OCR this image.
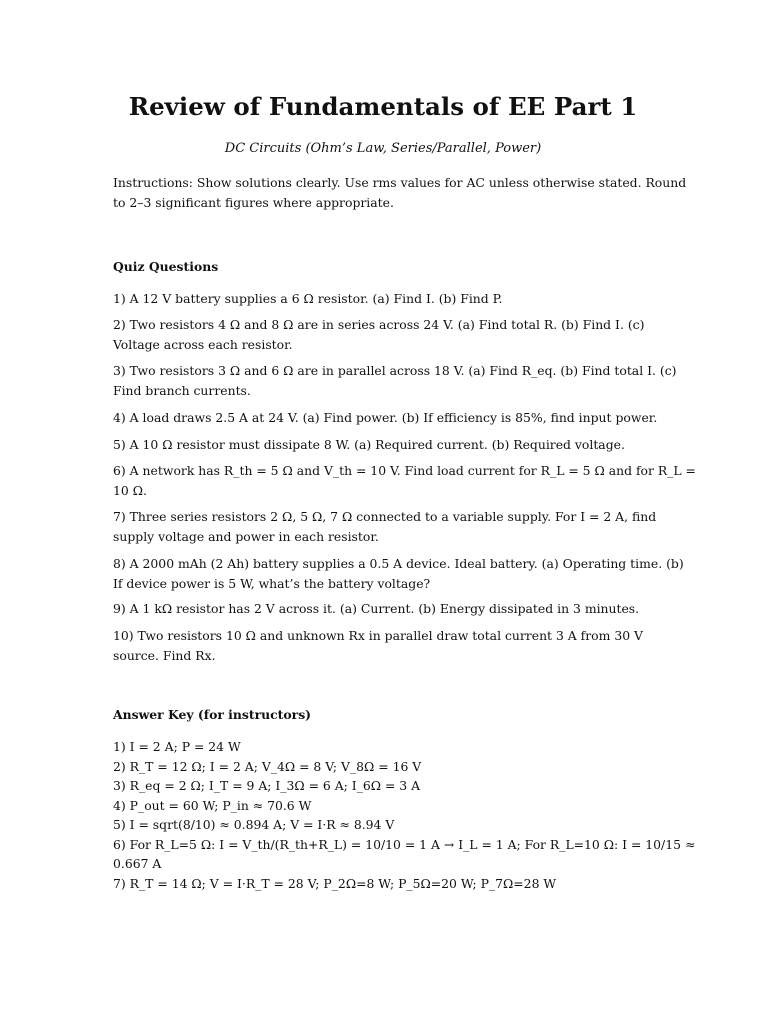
Review of Fundamentals of EE Part 1

DC Circuits (Ohm’s Law, Series/Parallel, Power)

Instructions: Show solutions clearly. Use rms values for AC unless otherwise stated. Round
to 2–3 significant figures where appropriate.

Quiz Questions

1) A 12 V battery supplies a 6 Ω resistor. (a) Find I. (b) Find P.

2) Two resistors 4 Ω and 8 Ω are in series across 24 V. (a) Find total R. (b) Find I. (c)
Voltage across each resistor.

3) Two resistors 3 Ω and 6 Ω are in parallel across 18 V. (a) Find R_eq. (b) Find total I. (c)
Find branch currents.

4) A load draws 2.5 A at 24 V. (a) Find power. (b) If efficiency is 85%, find input power.

5) A 10 Ω resistor must dissipate 8 W. (a) Required current. (b) Required voltage.

6) A network has R_th = 5 Ω and V_th = 10 V. Find load current for R_L = 5 Ω and for R_L =
10 Ω.

7) Three series resistors 2 Ω, 5 Ω, 7 Ω connected to a variable supply. For I = 2 A, find
supply voltage and power in each resistor.

8) A 2000 mAh (2 Ah) battery supplies a 0.5 A device. Ideal battery. (a) Operating time. (b)
If device power is 5 W, what’s the battery voltage?

9) A 1 kΩ resistor has 2 V across it. (a) Current. (b) Energy dissipated in 3 minutes.

10) Two resistors 10 Ω and unknown Rx in parallel draw total current 3 A from 30 V
source. Find Rx.

Answer Key (for instructors)
1) I = 2 A; P = 24 W
2) R_T = 12 Ω; I = 2 A; V_4Ω = 8 V; V_8Ω = 16 V
3) R_eq = 2 Ω; I_T = 9 A; I_3Ω = 6 A; I_6Ω = 3 A
4) P_out = 60 W; P_in ≈ 70.6 W
5) I = sqrt(8/10) ≈ 0.894 A; V = I·R ≈ 8.94 V
6) For R_L=5 Ω: I = V_th/(R_th+R_L) = 10/10 = 1 A → I_L = 1 A; For R_L=10 Ω: I = 10/15 ≈
0.667 A
7) R_T = 14 Ω; V = I·R_T = 28 V; P_2Ω=8 W; P_5Ω=20 W; P_7Ω=28 W
